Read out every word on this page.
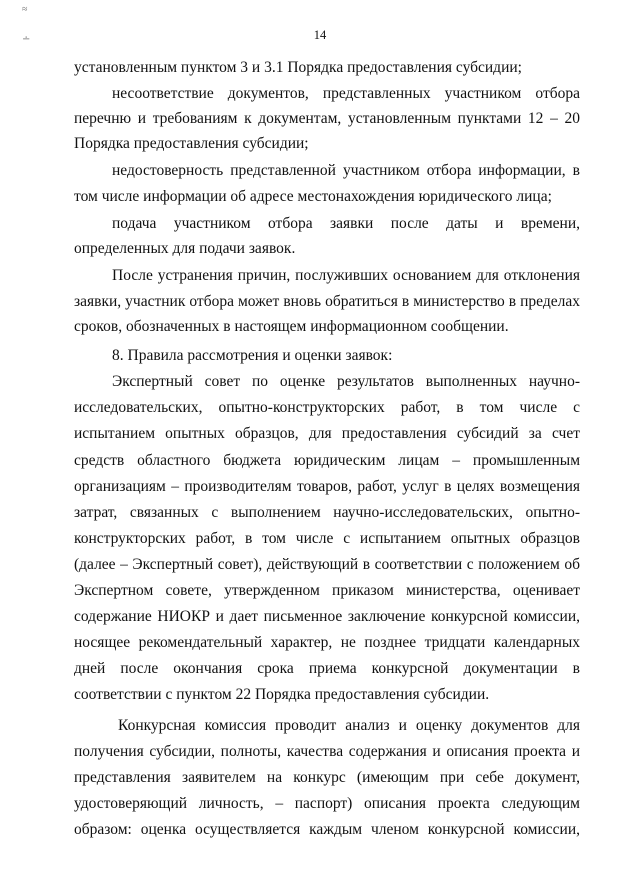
≈
∸	14
установленным пунктом 3 и 3.1 Порядка предоставления субсидии;
несоответствие документов, представленных участником отбора
перечню и требованиям к документам, установленным пунктами 12 – 20
Порядка предоставления субсидии;
недостоверность представленной участником отбора информации, в
том числе информации об адресе местонахождения юридического лица;
подача участником отбора заявки после даты и времени,
определенных для подачи заявок.
После устранения причин, послуживших основанием для отклонения
заявки, участник отбора может вновь обратиться в министерство в пределах
сроков, обозначенных в настоящем информационном сообщении.
8. Правила рассмотрения и оценки заявок:
Экспертный совет по оценке результатов выполненных научно-
исследовательских, опытно-конструкторских работ, в том числе с
испытанием опытных образцов, для предоставления субсидий за счет
средств областного бюджета юридическим лицам – промышленным
организациям – производителям товаров, работ, услуг в целях возмещения
затрат, связанных с выполнением научно-исследовательских, опытно-
конструкторских работ, в том числе с испытанием опытных образцов
(далее – Экспертный совет), действующий в соответствии с положением об
Экспертном совете, утвержденном приказом министерства, оценивает
содержание НИОКР и дает письменное заключение конкурсной комиссии,
носящее рекомендательный характер, не позднее тридцати календарных
дней после окончания срока приема конкурсной документации в
соответствии с пунктом 22 Порядка предоставления субсидии.
Конкурсная комиссия проводит анализ и оценку документов для
получения субсидии, полноты, качества содержания и описания проекта и
представления заявителем на конкурс (имеющим при себе документ,
удостоверяющий личность, – паспорт) описания проекта следующим
образом: оценка осуществляется каждым членом конкурсной комиссии,
